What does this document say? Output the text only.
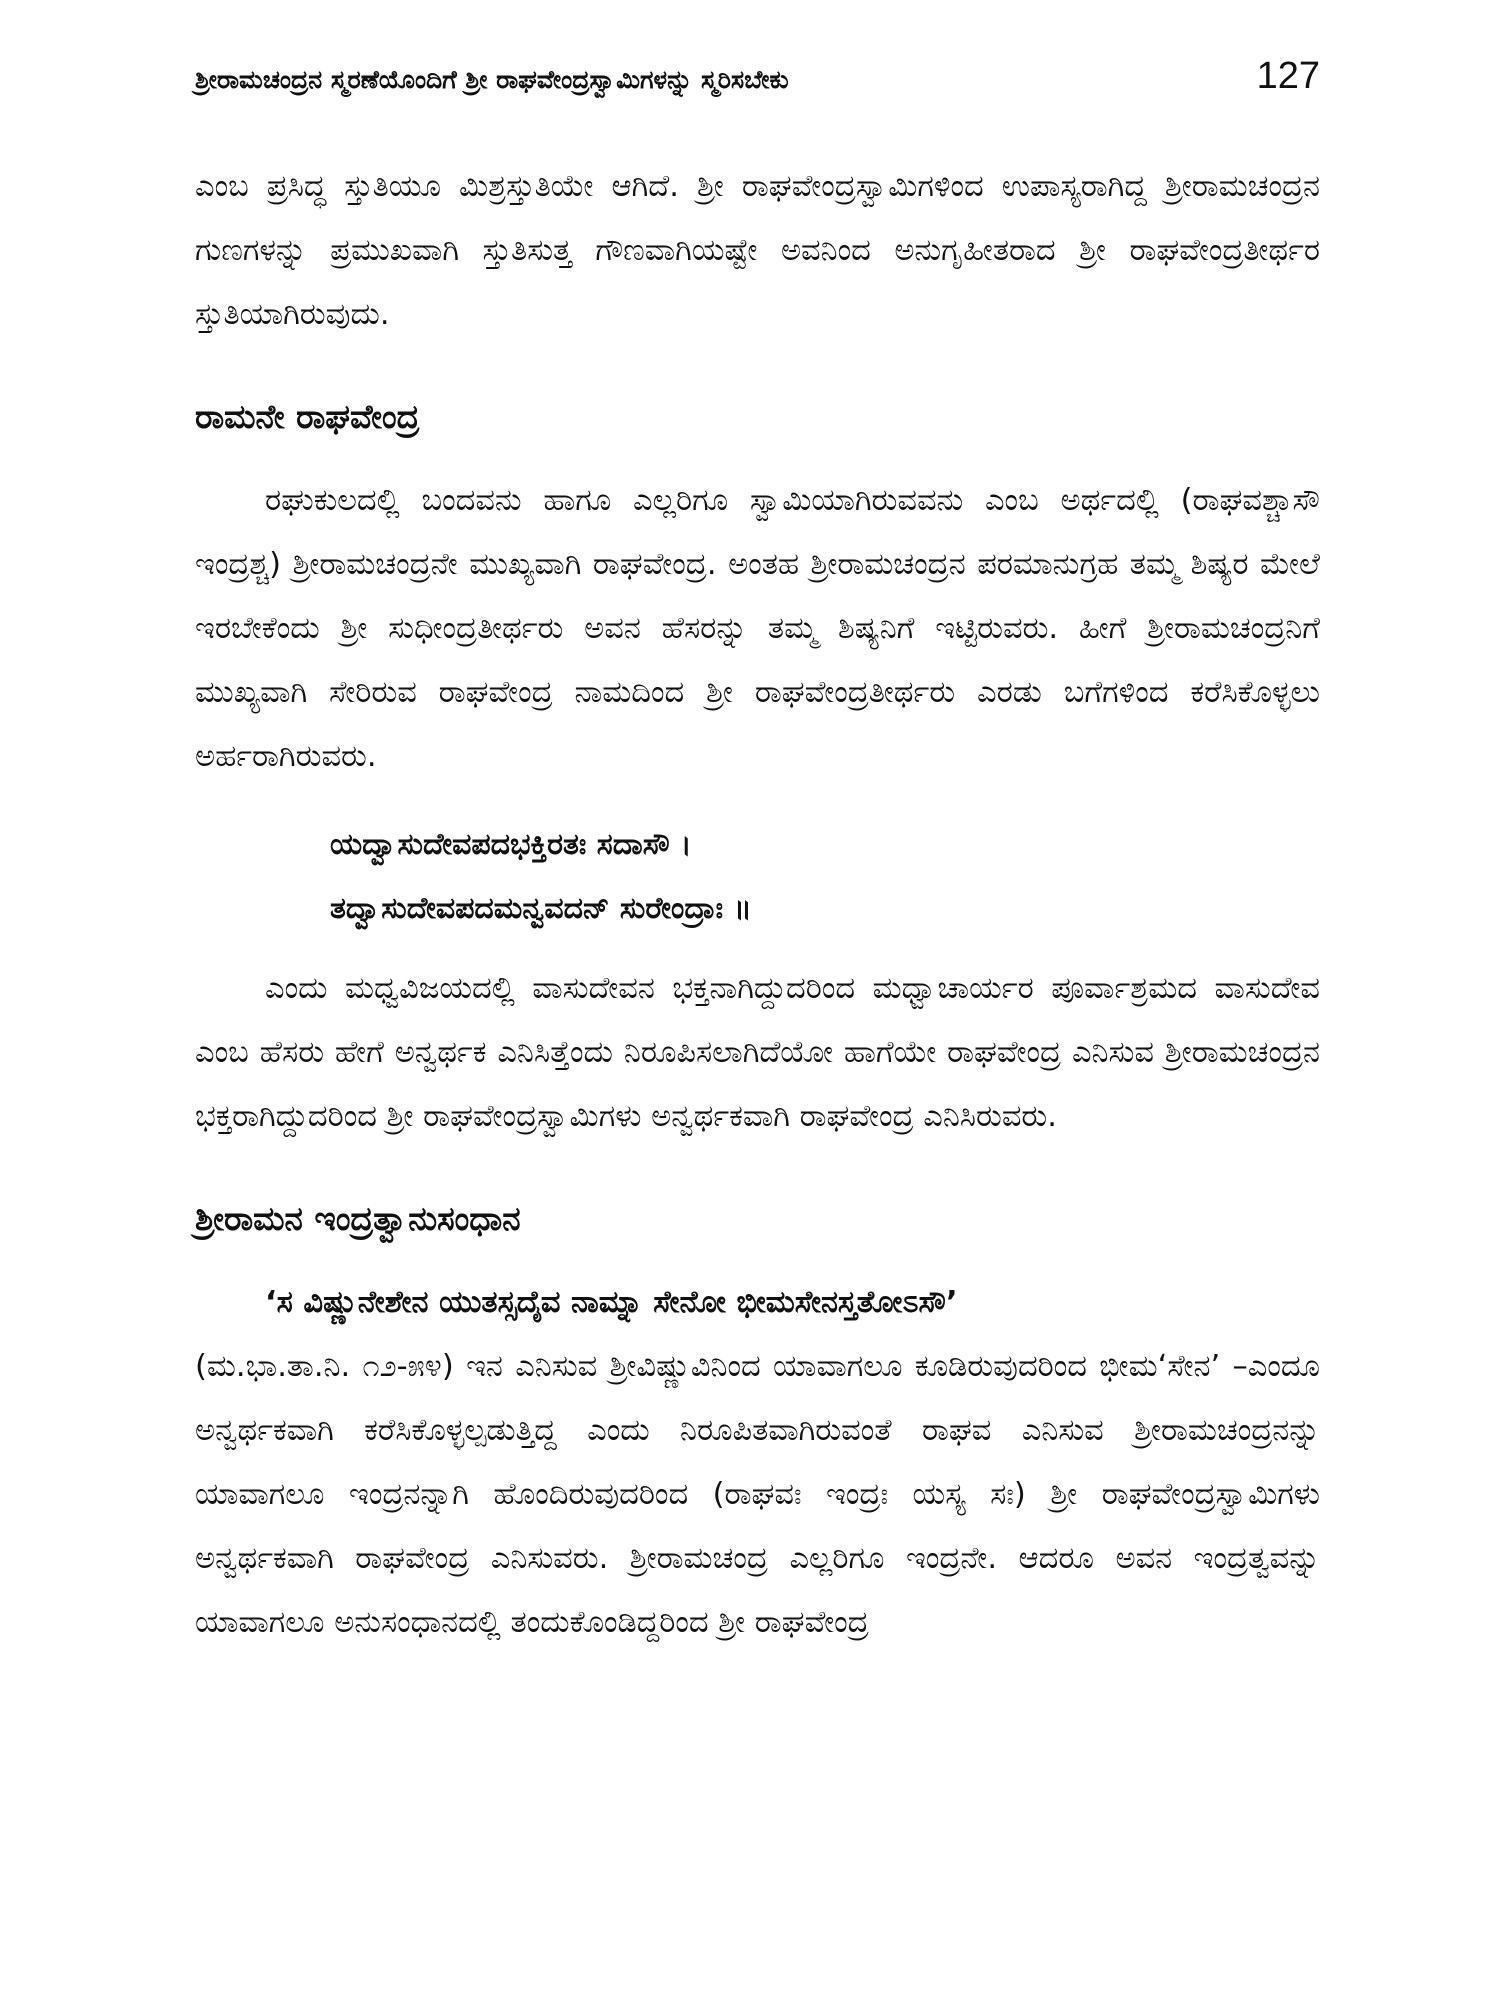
ಶ್ರೀರಾಮಚಂದ್ರನ ಸ್ಮರಣೆಯೊಂದಿಗೆ ಶ್ರೀ ರಾಘವೇಂದ್ರಸ್ವಾಮಿಗಳನ್ನು ಸ್ಮರಿಸಬೇಕು	127

ಎಂಬ ಪ್ರಸಿದ್ಧ ಸ್ತುತಿಯೂ ಮಿಶ್ರಸ್ತುತಿಯೇ ಆಗಿದೆ. ಶ್ರೀ ರಾಘವೇಂದ್ರಸ್ವಾಮಿಗಳಿಂದ ಉಪಾಸ್ಯರಾಗಿದ್ದ ಶ್ರೀರಾಮಚಂದ್ರನ ಗುಣಗಳನ್ನು ಪ್ರಮುಖವಾಗಿ ಸ್ತುತಿಸುತ್ತ ಗೌಣವಾಗಿಯಷ್ಟೇ ಅವನಿಂದ ಅನುಗೃಹೀತರಾದ ಶ್ರೀ ರಾಘವೇಂದ್ರತೀರ್ಥರ ಸ್ತುತಿಯಾಗಿರುವುದು.

ರಾಮನೇ ರಾಘವೇಂದ್ರ

ರಘುಕುಲದಲ್ಲಿ ಬಂದವನು ಹಾಗೂ ಎಲ್ಲರಿಗೂ ಸ್ವಾಮಿಯಾಗಿರುವವನು ಎಂಬ ಅರ್ಥದಲ್ಲಿ (ರಾಘವಶ್ಚಾಸೌ ಇಂದ್ರಶ್ಚ) ಶ್ರೀರಾಮಚಂದ್ರನೇ ಮುಖ್ಯವಾಗಿ ರಾಘವೇಂದ್ರ. ಅಂತಹ ಶ್ರೀರಾಮಚಂದ್ರನ ಪರಮಾನುಗ್ರಹ ತಮ್ಮ ಶಿಷ್ಯರ ಮೇಲೆ ಇರಬೇಕೆಂದು ಶ್ರೀ ಸುಧೀಂದ್ರತೀರ್ಥರು ಅವನ ಹೆಸರನ್ನು ತಮ್ಮ ಶಿಷ್ಯನಿಗೆ ಇಟ್ಟಿರುವರು. ಹೀಗೆ ಶ್ರೀರಾಮಚಂದ್ರನಿಗೆ ಮುಖ್ಯವಾಗಿ ಸೇರಿರುವ ರಾಘವೇಂದ್ರ ನಾಮದಿಂದ ಶ್ರೀ ರಾಘವೇಂದ್ರತೀರ್ಥರು ಎರಡು ಬಗೆಗಳಿಂದ ಕರೆಸಿಕೊಳ್ಳಲು ಅರ್ಹರಾಗಿರುವರು.

ಯದ್ವಾಸುದೇವಪದಭಕ್ತಿರತಃ ಸದಾಸೌ ।
ತದ್ವಾಸುದೇವಪದಮನ್ವವದನ್ ಸುರೇಂದ್ರಾಃ ॥

ಎಂದು ಮಧ್ವವಿಜಯದಲ್ಲಿ ವಾಸುದೇವನ ಭಕ್ತನಾಗಿದ್ದುದರಿಂದ ಮಧ್ವಾಚಾರ್ಯರ ಪೂರ್ವಾಶ್ರಮದ ವಾಸುದೇವ ಎಂಬ ಹೆಸರು ಹೇಗೆ ಅನ್ವರ್ಥಕ ಎನಿಸಿತ್ತೆಂದು ನಿರೂಪಿಸಲಾಗಿದೆಯೋ ಹಾಗೆಯೇ ರಾಘವೇಂದ್ರ ಎನಿಸುವ ಶ್ರೀರಾಮಚಂದ್ರನ ಭಕ್ತರಾಗಿದ್ದುದರಿಂದ ಶ್ರೀ ರಾಘವೇಂದ್ರಸ್ವಾಮಿಗಳು ಅನ್ವರ್ಥಕವಾಗಿ ರಾಘವೇಂದ್ರ ಎನಿಸಿರುವರು.

ಶ್ರೀರಾಮನ ಇಂದ್ರತ್ವಾನುಸಂಧಾನ

‘ಸ ವಿಷ್ಣುನೇಶೇನ ಯುತಸ್ಸದೈವ ನಾಮ್ನಾ ಸೇನೋ ಭೀಮಸೇನಸ್ತತೋಽಸೌ’

(ಮ.ಭಾ.ತಾ.ನಿ. ೧೨-೫೪) ಇನ ಎನಿಸುವ ಶ್ರೀವಿಷ್ಣುವಿನಿಂದ ಯಾವಾಗಲೂ ಕೂಡಿರುವುದರಿಂದ ಭೀಮ‘ಸೇನ’ –ಎಂದೂ ಅನ್ವರ್ಥಕವಾಗಿ ಕರೆಸಿಕೊಳ್ಳಲ್ಪಡುತ್ತಿದ್ದ ಎಂದು ನಿರೂಪಿತವಾಗಿರುವಂತೆ ರಾಘವ ಎನಿಸುವ ಶ್ರೀರಾಮಚಂದ್ರನನ್ನು ಯಾವಾಗಲೂ ಇಂದ್ರನನ್ನಾಗಿ ಹೊಂದಿರುವುದರಿಂದ (ರಾಘವಃ ಇಂದ್ರಃ ಯಸ್ಯ ಸಃ) ಶ್ರೀ ರಾಘವೇಂದ್ರಸ್ವಾಮಿಗಳು ಅನ್ವರ್ಥಕವಾಗಿ ರಾಘವೇಂದ್ರ ಎನಿಸುವರು. ಶ್ರೀರಾಮಚಂದ್ರ ಎಲ್ಲರಿಗೂ ಇಂದ್ರನೇ. ಆದರೂ ಅವನ ಇಂದ್ರತ್ವವನ್ನು ಯಾವಾಗಲೂ ಅನುಸಂಧಾನದಲ್ಲಿ ತಂದುಕೊಂಡಿದ್ದರಿಂದ ಶ್ರೀ ರಾಘವೇಂದ್ರ
